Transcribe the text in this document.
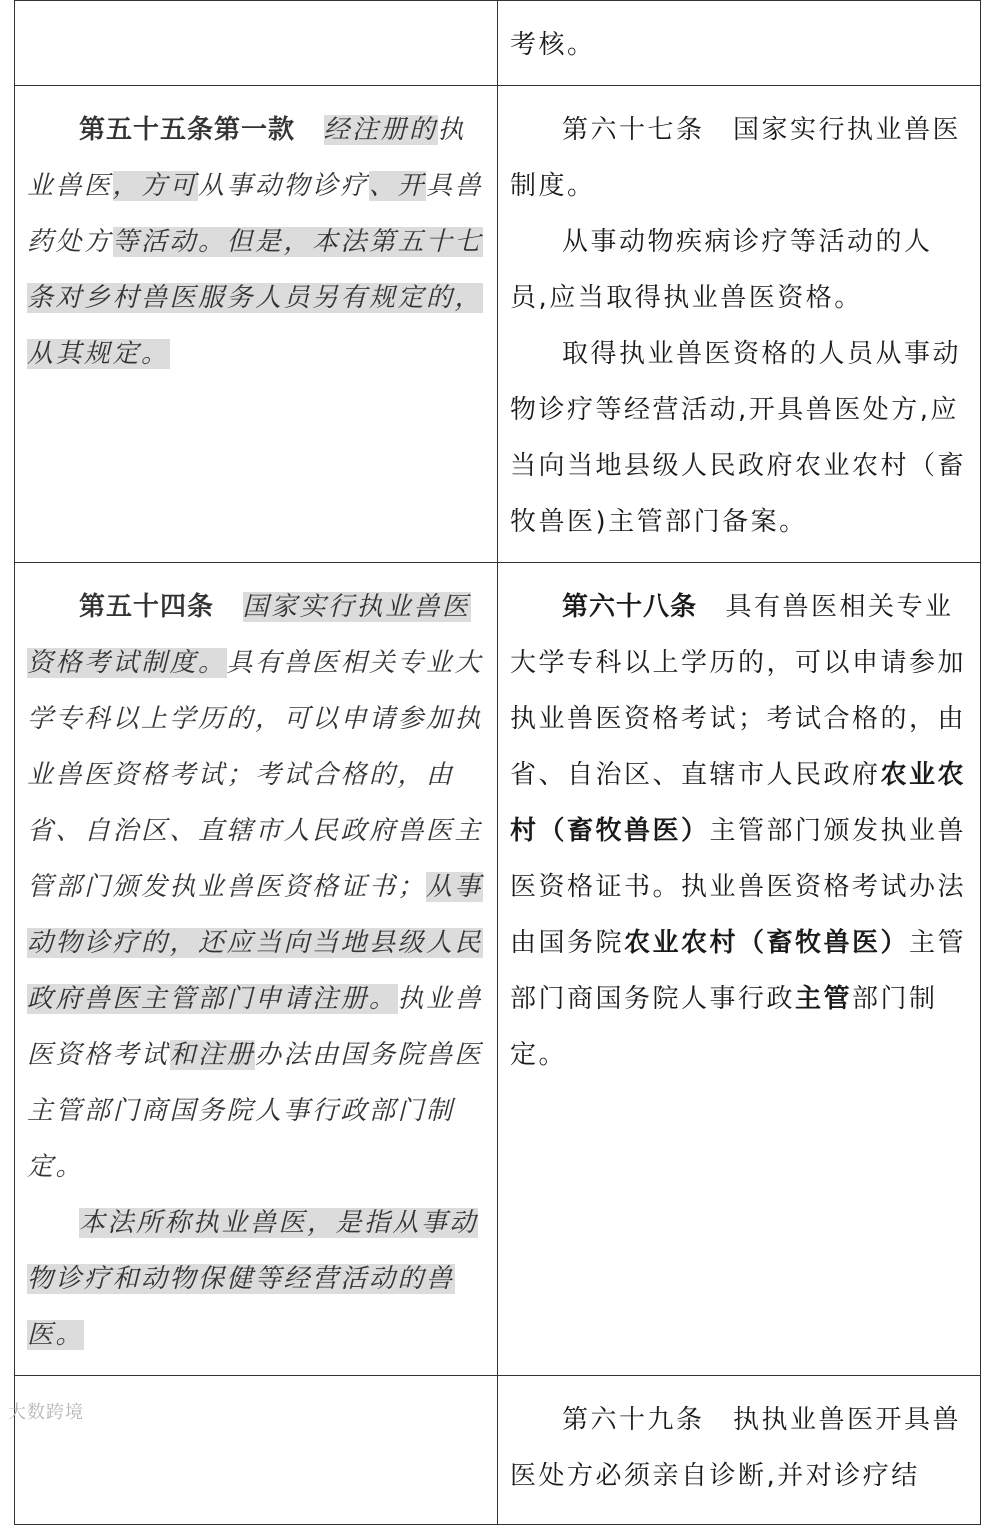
	考核。

第五十五条第一款　 经注册的执业兽医，方可从事动物诊疗、开具兽药处方等活动。但是，本法第五十七条对乡村兽医服务人员另有规定的，从其规定。	第六十七条　国家实行执业兽医制度。

从事动物疾病诊疗等活动的人员,应当取得执业兽医资格。

取得执业兽医资格的人员从事动物诊疗等经营活动,开具兽医处方,应当向当地县级人民政府农业农村（畜牧兽医)主管部门备案。

第五十四条　 国家实行执业兽医资格考试制度。具有兽医相关专业大学专科以上学历的，可以申请参加执业兽医资格考试；考试合格的，由省、自治区、直辖市人民政府兽医主管部门颁发执业兽医资格证书；从事动物诊疗的，还应当向当地县级人民政府兽医主管部门申请注册。执业兽医资格考试和注册办法由国务院兽医主管部门商国务院人事行政部门制定。

本法所称执业兽医，是指从事动物诊疗和动物保健等经营活动的兽医。	第六十八条　具有兽医相关专业大学专科以上学历的，可以申请参加执业兽医资格考试；考试合格的，由省、自治区、直辖市人民政府农业农村（畜牧兽医）主管部门颁发执业兽医资格证书。执业兽医资格考试办法由国务院农业农村（畜牧兽医）主管部门商国务院人事行政主管部门制定。

	第六十九条　执执业兽医开具兽医处方必须亲自诊断,并对诊疗结

大数跨境
